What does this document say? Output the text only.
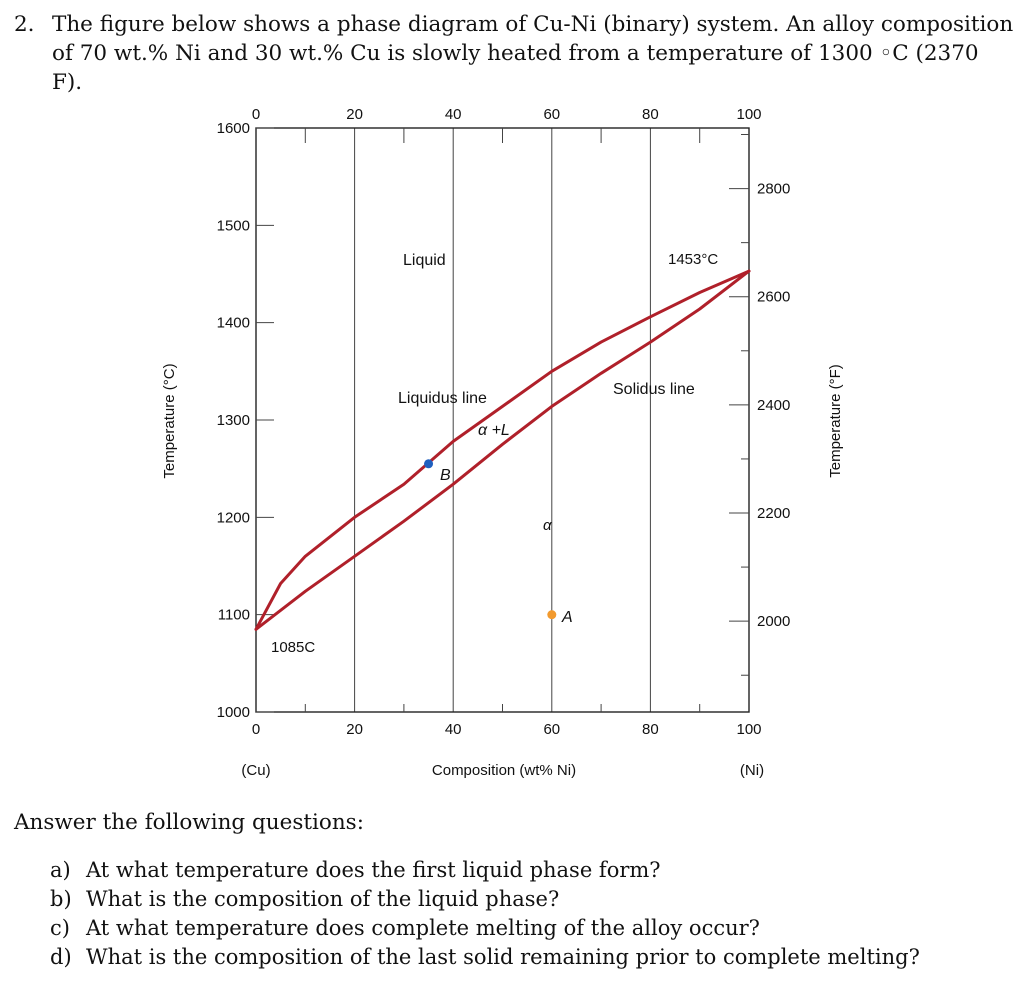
2. The figure below shows a phase diagram of Cu-Ni (binary) system. An alloy composition
of 70 wt.% Ni and 30 wt.% Cu is slowly heated from a temperature of 1300 ◦C (2370 F).
0
0
20
20
40
40
60
60
80
80
100
100
1000
1100
1200
1300
1400
1500
1600
2000
2200
2400
2600
2800
Temperature (°C)	Temperature (°F)
Composition (wt% Ni)
(Cu)	(Ni)
Liquid	1453°C
Liquidus line
Solidus line
α +L
α
1085C
B
A
Answer the following questions:
a) At what temperature does the first liquid phase form?
b) What is the composition of the liquid phase?
c) At what temperature does complete melting of the alloy occur?
d) What is the composition of the last solid remaining prior to complete melting?
